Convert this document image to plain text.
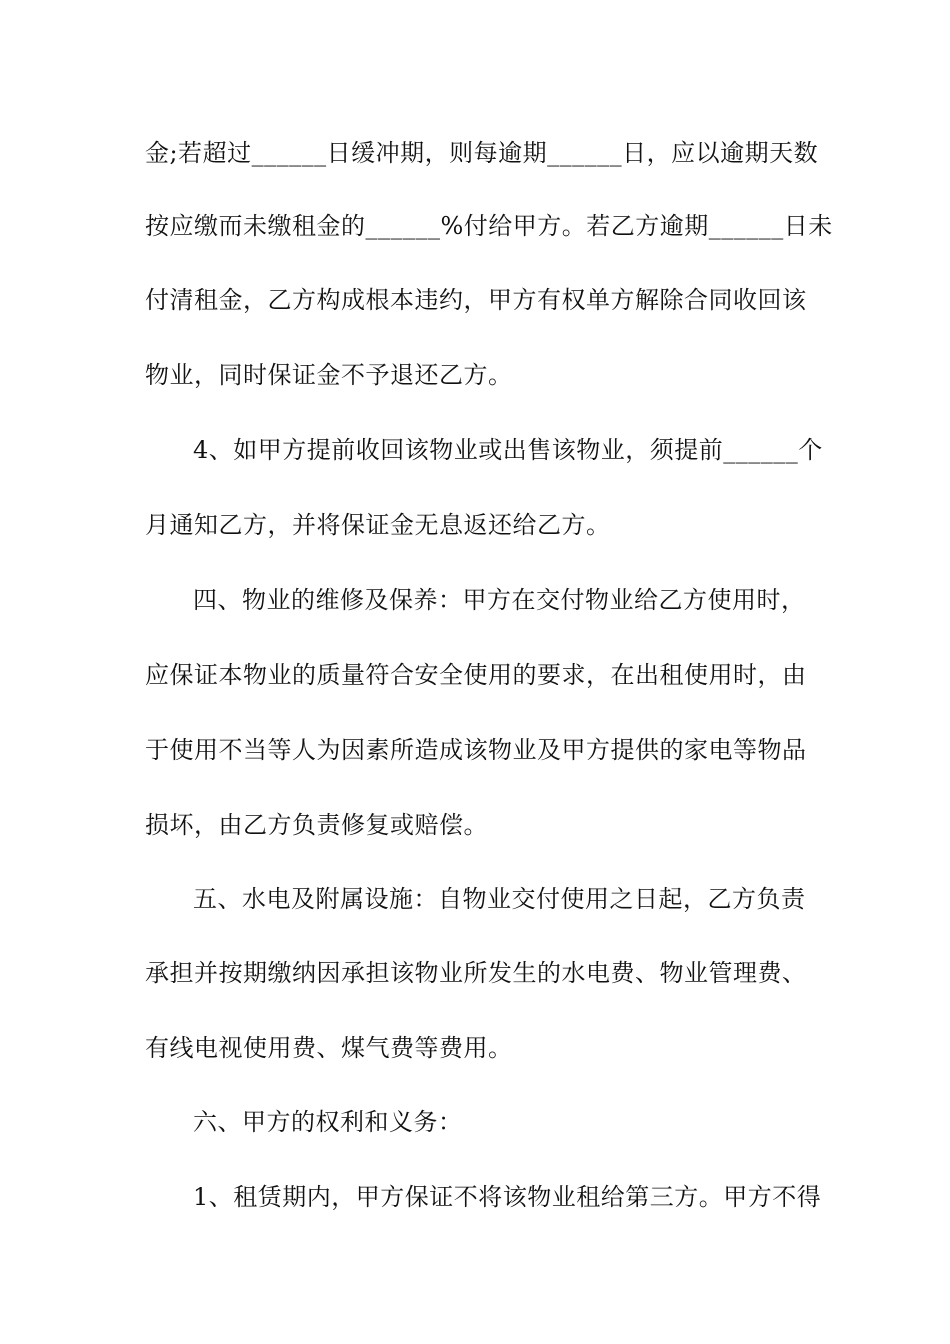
金;若超过______日缓冲期，则每逾期______日，应以逾期天数
按应缴而未缴租金的______%付给甲方。若乙方逾期______日未
付清租金，乙方构成根本违约，甲方有权单方解除合同收回该
物业，同时保证金不予退还乙方。
4、如甲方提前收回该物业或出售该物业，须提前______个
月通知乙方，并将保证金无息返还给乙方。
四、物业的维修及保养：甲方在交付物业给乙方使用时，
应保证本物业的质量符合安全使用的要求，在出租使用时，由
于使用不当等人为因素所造成该物业及甲方提供的家电等物品
损坏，由乙方负责修复或赔偿。
五、水电及附属设施：自物业交付使用之日起，乙方负责
承担并按期缴纳因承担该物业所发生的水电费、物业管理费、
有线电视使用费、煤气费等费用。
六、甲方的权利和义务：
1、租赁期内，甲方保证不将该物业租给第三方。甲方不得
